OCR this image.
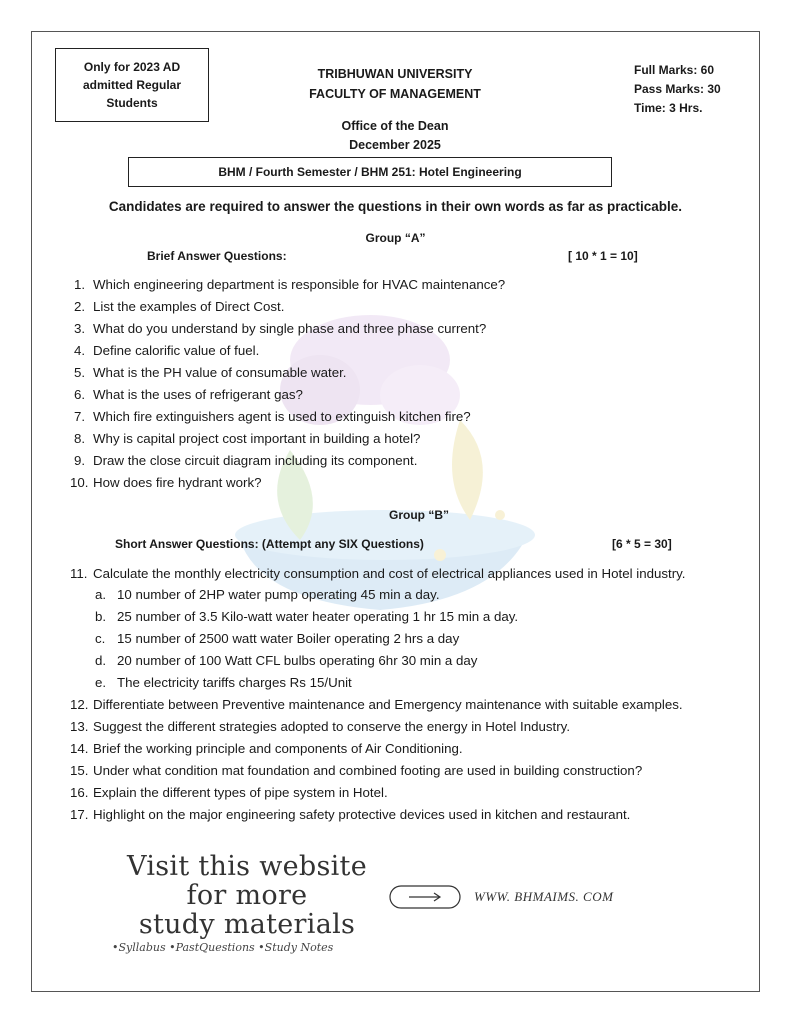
Only for 2023 AD
admitted Regular
Students
TRIBHUWAN UNIVERSITY
FACULTY OF MANAGEMENT
Office of the Dean
December 2025
Full Marks: 60
Pass Marks: 30
Time: 3 Hrs.
BHM / Fourth Semester / BHM 251: Hotel Engineering
Candidates are required to answer the questions in their own words as far as practicable.
Group “A”
Brief Answer Questions:	[ 10 * 1 = 10]
1. Which engineering department is responsible for HVAC maintenance?
2. List the examples of Direct Cost.
3. What do you understand by single phase and three phase current?
4. Define calorific value of fuel.
5. What is the PH value of consumable water.
6. What is the uses of refrigerant gas?
7. Which fire extinguishers agent is used to extinguish kitchen fire?
8. Why is capital project cost important in building a hotel?
9. Draw the close circuit diagram including its component.
10. How does fire hydrant work?
Group “B”
Short Answer Questions: (Attempt any SIX Questions)	[6 * 5 = 30]
11. Calculate the monthly electricity consumption and cost of electrical appliances used in Hotel industry.
a. 10 number of 2HP water pump operating 45 min a day.
b. 25 number of 3.5 Kilo-watt water heater operating 1 hr 15 min a day.
c. 15 number of 2500 watt water Boiler operating 2 hrs a day
d. 20 number of 100 Watt CFL bulbs operating 6hr 30 min a day
e. The electricity tariffs charges Rs 15/Unit
12. Differentiate between Preventive maintenance and Emergency maintenance with suitable examples.
13. Suggest the different strategies adopted to conserve the energy in Hotel Industry.
14. Brief the working principle and components of Air Conditioning.
15. Under what condition mat foundation and combined footing are used in building construction?
16. Explain the different types of pipe system in Hotel.
17. Highlight on the major engineering safety protective devices used in kitchen and restaurant.
Visit this website
for more
study materials
•Syllabus •PastQuestions •Study Notes
WWW. BHMAIMS. COM
